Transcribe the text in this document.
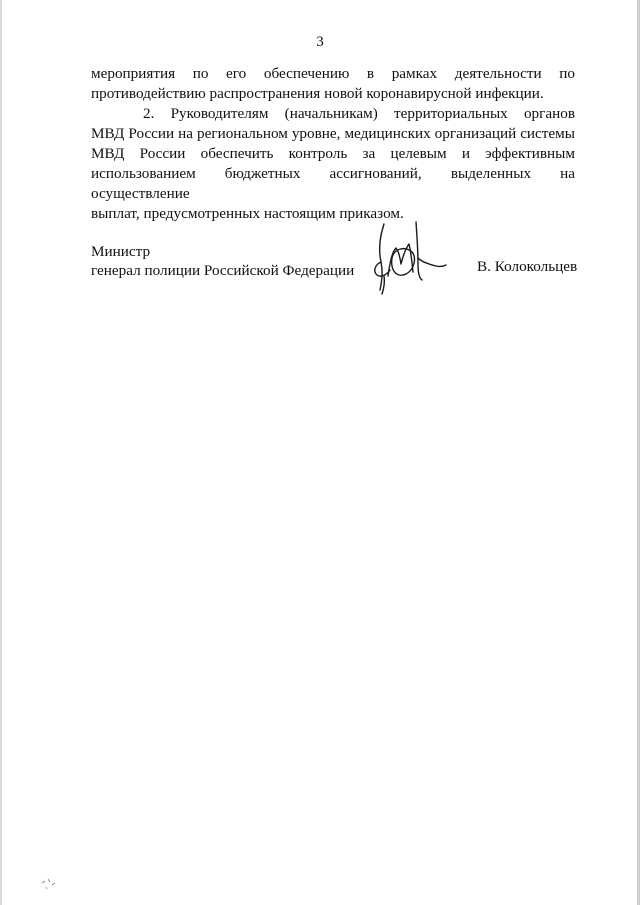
3
мероприятия по его обеспечению в рамках деятельности по
противодействию распространения новой коронавирусной инфекции.
2. Руководителям (начальникам) территориальных органов
МВД России на региональном уровне, медицинских организаций системы
МВД России обеспечить контроль за целевым и эффективным
использованием бюджетных ассигнований, выделенных на осуществление
выплат, предусмотренных настоящим приказом.
Министр
генерал полиции Российской Федерации	В. Колокольцев
